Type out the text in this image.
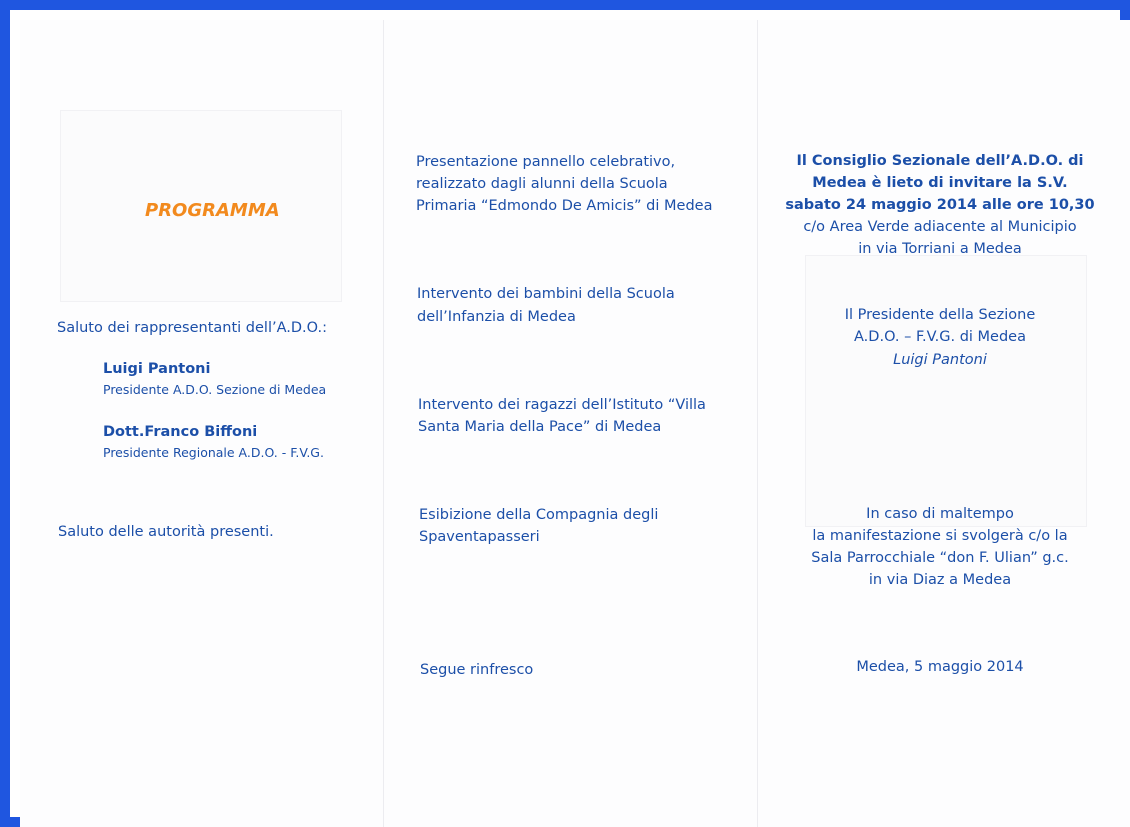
PROGRAMMA

Saluto dei rappresentanti dell’A.D.O.:

Luigi Pantoni

Presidente A.D.O. Sezione di Medea

Dott.Franco Biffoni

Presidente Regionale A.D.O. - F.V.G.

Saluto delle autorità presenti.

Presentazione pannello celebrativo,

realizzato dagli alunni della Scuola

Primaria “Edmondo De Amicis” di Medea

Intervento dei bambini della Scuola

dell’Infanzia di Medea

Intervento dei ragazzi dell’Istituto “Villa

Santa Maria della Pace” di Medea

Esibizione della Compagnia degli

Spaventapasseri

Segue rinfresco

Il Consiglio Sezionale dell’A.D.O. di

Medea è lieto di invitare la S.V.

sabato 24 maggio 2014 alle ore 10,30

c/o Area Verde adiacente al Municipio

in via Torriani a Medea

Il Presidente della Sezione

A.D.O. – F.V.G. di Medea

Luigi Pantoni

In caso di maltempo

la manifestazione si svolgerà c/o la

Sala Parrocchiale “don F. Ulian” g.c.

in via Diaz a Medea

Medea, 5 maggio 2014
